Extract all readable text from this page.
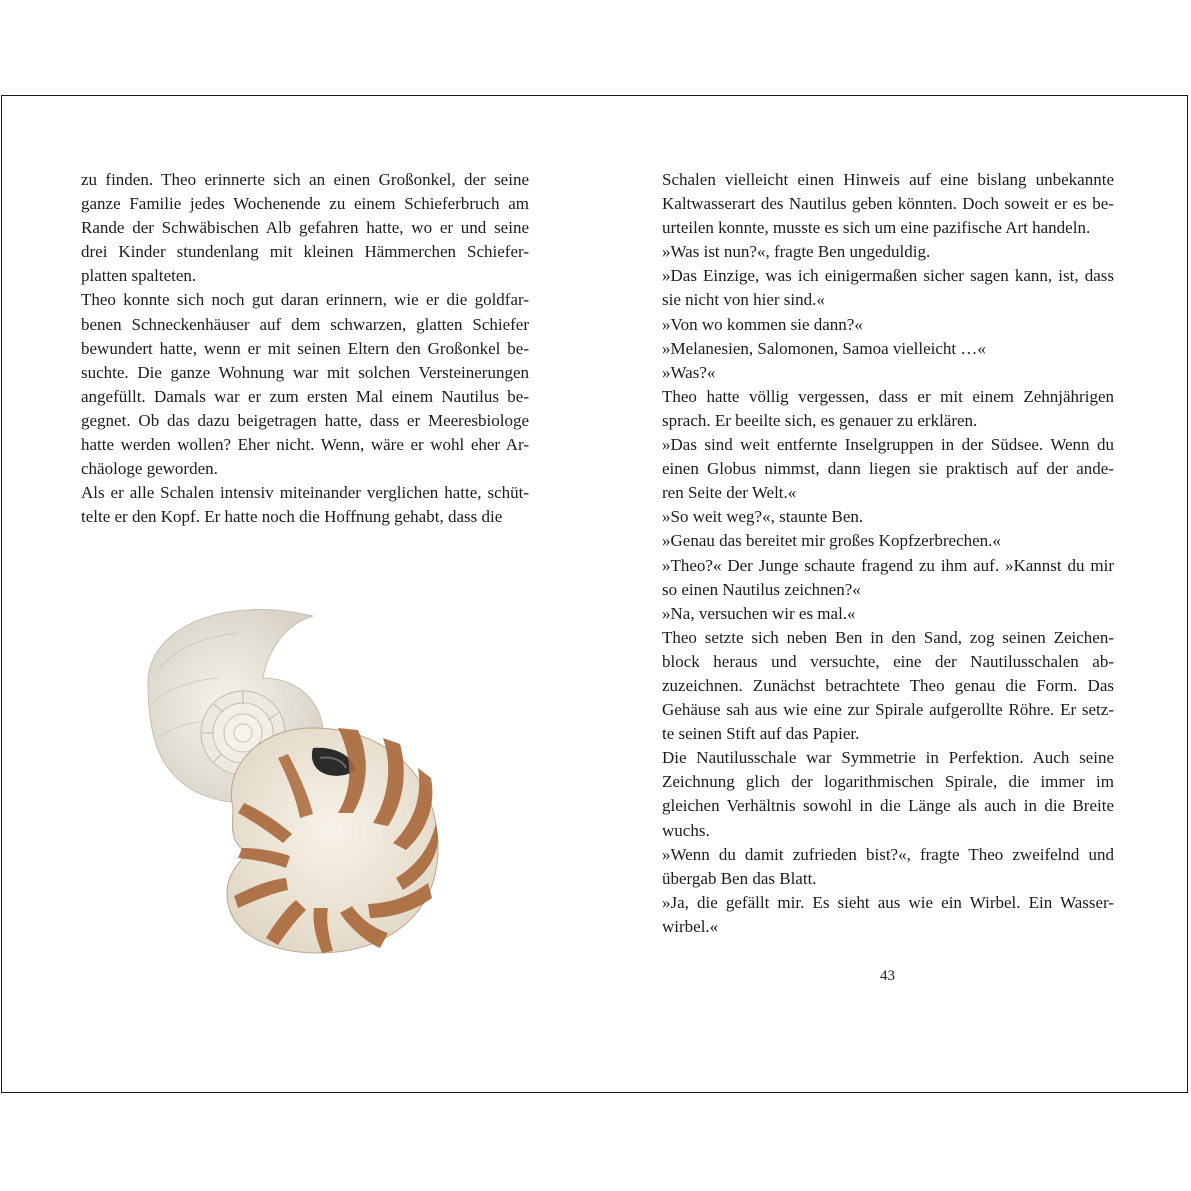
zu finden. Theo erinnerte sich an einen Großonkel, der seine
ganze Familie jedes Wochenende zu einem Schieferbruch am
Rande der Schwäbischen Alb gefahren hatte, wo er und seine
drei Kinder stundenlang mit kleinen Hämmerchen Schiefer-
platten spalteten.
Theo konnte sich noch gut daran erinnern, wie er die goldfar-
benen Schneckenhäuser auf dem schwarzen, glatten Schiefer
bewundert hatte, wenn er mit seinen Eltern den Großonkel be-
suchte. Die ganze Wohnung war mit solchen Versteinerungen
angefüllt. Damals war er zum ersten Mal einem Nautilus be-
gegnet. Ob das dazu beigetragen hatte, dass er Meeresbiologe
hatte werden wollen? Eher nicht. Wenn, wäre er wohl eher Ar-
chäologe geworden.
Als er alle Schalen intensiv miteinander verglichen hatte, schüt-
telte er den Kopf. Er hatte noch die Hoffnung gehabt, dass die
Schalen vielleicht einen Hinweis auf eine bislang unbekannte
Kaltwasserart des Nautilus geben könnten. Doch soweit er es be-
urteilen konnte, musste es sich um eine pazifische Art handeln.
»Was ist nun?«, fragte Ben ungeduldig.
»Das Einzige, was ich einigermaßen sicher sagen kann, ist, dass
sie nicht von hier sind.«
»Von wo kommen sie dann?«
»Melanesien, Salomonen, Samoa vielleicht …«
»Was?«
Theo hatte völlig vergessen, dass er mit einem Zehnjährigen
sprach. Er beeilte sich, es genauer zu erklären.
»Das sind weit entfernte Inselgruppen in der Südsee. Wenn du
einen Globus nimmst, dann liegen sie praktisch auf der ande-
ren Seite der Welt.«
»So weit weg?«, staunte Ben.
»Genau das bereitet mir großes Kopfzerbrechen.«
»Theo?« Der Junge schaute fragend zu ihm auf. »Kannst du mir
so einen Nautilus zeichnen?«
»Na, versuchen wir es mal.«
Theo setzte sich neben Ben in den Sand, zog seinen Zeichen-
block heraus und versuchte, eine der Nautilusschalen ab-
zuzeichnen. Zunächst betrachtete Theo genau die Form. Das
Gehäuse sah aus wie eine zur Spirale aufgerollte Röhre. Er setz-
te seinen Stift auf das Papier.
Die Nautilusschale war Symmetrie in Perfektion. Auch seine
Zeichnung glich der logarithmischen Spirale, die immer im
gleichen Verhältnis sowohl in die Länge als auch in die Breite
wuchs.
»Wenn du damit zufrieden bist?«, fragte Theo zweifelnd und
übergab Ben das Blatt.
»Ja, die gefällt mir. Es sieht aus wie ein Wirbel. Ein Wasser-
wirbel.«
43
